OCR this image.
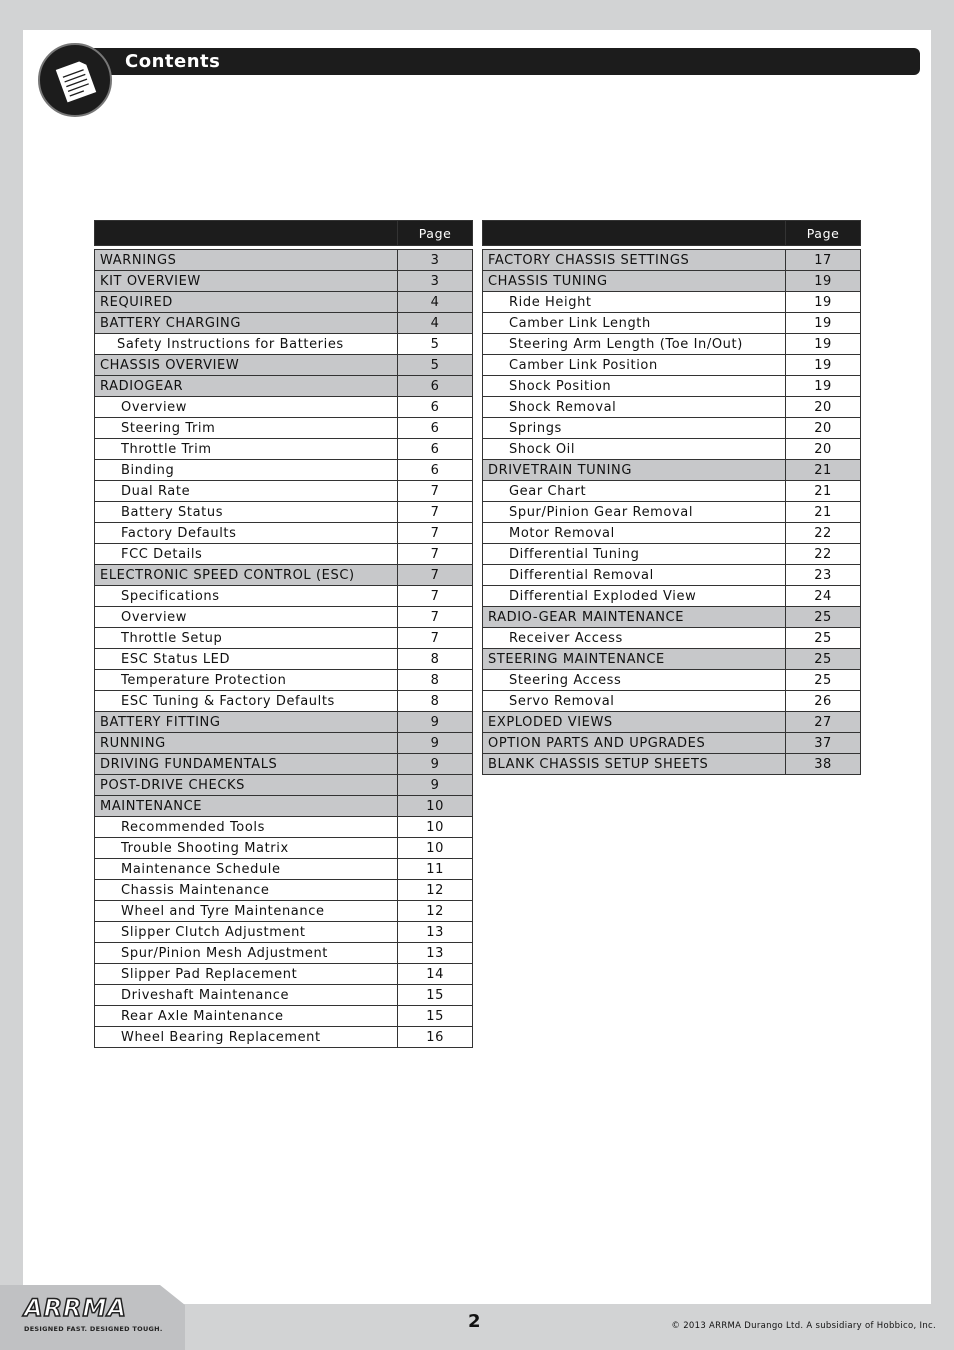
Contents
	Page

WARNINGS	3
KIT OVERVIEW	3
REQUIRED	4
BATTERY CHARGING	4
Safety Instructions for Batteries	5
CHASSIS OVERVIEW	5
RADIOGEAR	6
Overview	6
Steering Trim	6
Throttle Trim	6
Binding	6
Dual Rate	7
Battery Status	7
Factory Defaults	7
FCC Details	7
ELECTRONIC SPEED CONTROL (ESC)	7
Specifications	7
Overview	7
Throttle Setup	7
ESC Status LED	8
Temperature Protection	8
ESC Tuning & Factory Defaults	8
BATTERY FITTING	9
RUNNING	9
DRIVING FUNDAMENTALS	9
POST-DRIVE CHECKS	9
MAINTENANCE	10
Recommended Tools	10
Trouble Shooting Matrix	10
Maintenance Schedule	11
Chassis Maintenance	12
Wheel and Tyre Maintenance	12
Slipper Clutch Adjustment	13
Spur/Pinion Mesh Adjustment	13
Slipper Pad Replacement	14
Driveshaft Maintenance	15
Rear Axle Maintenance	15
Wheel Bearing Replacement	16
	Page

FACTORY CHASSIS SETTINGS	17
CHASSIS TUNING	19
Ride Height	19
Camber Link Length	19
Steering Arm Length (Toe In/Out)	19
Camber Link Position	19
Shock Position	19
Shock Removal	20
Springs	20
Shock Oil	20
DRIVETRAIN TUNING	21
Gear Chart	21
Spur/Pinion Gear Removal	21
Motor Removal	22
Differential Tuning	22
Differential Removal	23
Differential Exploded View	24
RADIO-GEAR MAINTENANCE	25
Receiver Access	25
STEERING MAINTENANCE	25
Steering Access	25
Servo Removal	26
EXPLODED VIEWS	27
OPTION PARTS AND UPGRADES	37
BLANK CHASSIS SETUP SHEETS	38
ARRMA
DESIGNED FAST. DESIGNED TOUGH.	2	© 2013 ARRMA Durango Ltd. A subsidiary of Hobbico, Inc.
